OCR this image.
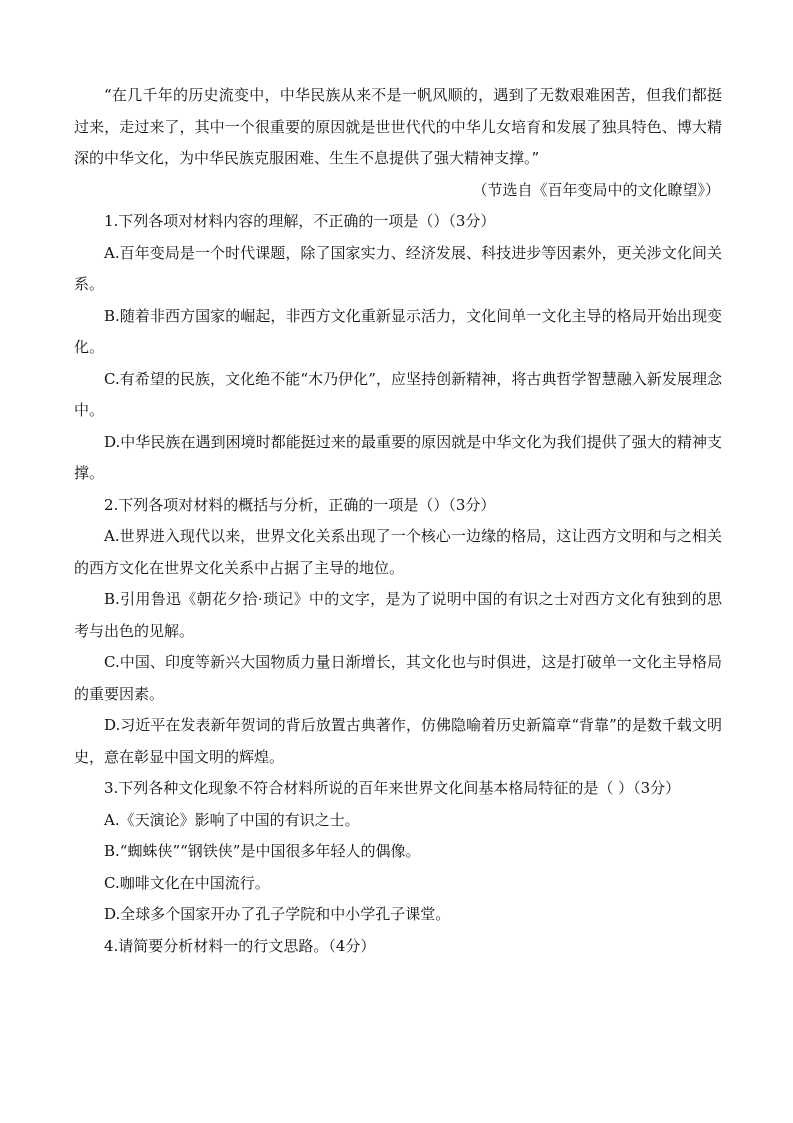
“在几千年的历史流变中，中华民族从来不是一帆风顺的，遇到了无数艰难困苦，但我们都挺过来，走过来了，其中一个很重要的原因就是世世代代的中华儿女培育和发展了独具特色、博大精深的中华文化，为中华民族克服困难、生生不息提供了强大精神支撑。”

（节选自《百年变局中的文化瞭望》）

1.下列各项对材料内容的理解，不正确的一项是（）（3分）

A.百年变局是一个时代课题，除了国家实力、经济发展、科技进步等因素外，更关涉文化间关系。

B.随着非西方国家的崛起，非西方文化重新显示活力，文化间单一文化主导的格局开始出现变化。

C.有希望的民族，文化绝不能“木乃伊化”，应坚持创新精神，将古典哲学智慧融入新发展理念中。

D.中华民族在遇到困境时都能挺过来的最重要的原因就是中华文化为我们提供了强大的精神支撑。

2.下列各项对材料的概括与分析，正确的一项是（）（3分）

A.世界进入现代以来，世界文化关系出现了一个核心一边缘的格局，这让西方文明和与之相关的西方文化在世界文化关系中占据了主导的地位。

B.引用鲁迅《朝花夕拾·琐记》中的文字，是为了说明中国的有识之士对西方文化有独到的思考与出色的见解。

C.中国、印度等新兴大国物质力量日渐增长，其文化也与时俱进，这是打破单一文化主导格局的重要因素。

D.习近平在发表新年贺词的背后放置古典著作，仿佛隐喻着历史新篇章“背靠”的是数千载文明史，意在彰显中国文明的辉煌。

3.下列各种文化现象不符合材料所说的百年来世界文化间基本格局特征的是（ ）（3分）

A.《天演论》影响了中国的有识之士。

B.“蜘蛛侠”“钢铁侠”是中国很多年轻人的偶像。

C.咖啡文化在中国流行。

D.全球多个国家开办了孔子学院和中小学孔子课堂。

4.请简要分析材料一的行文思路。（4分）
